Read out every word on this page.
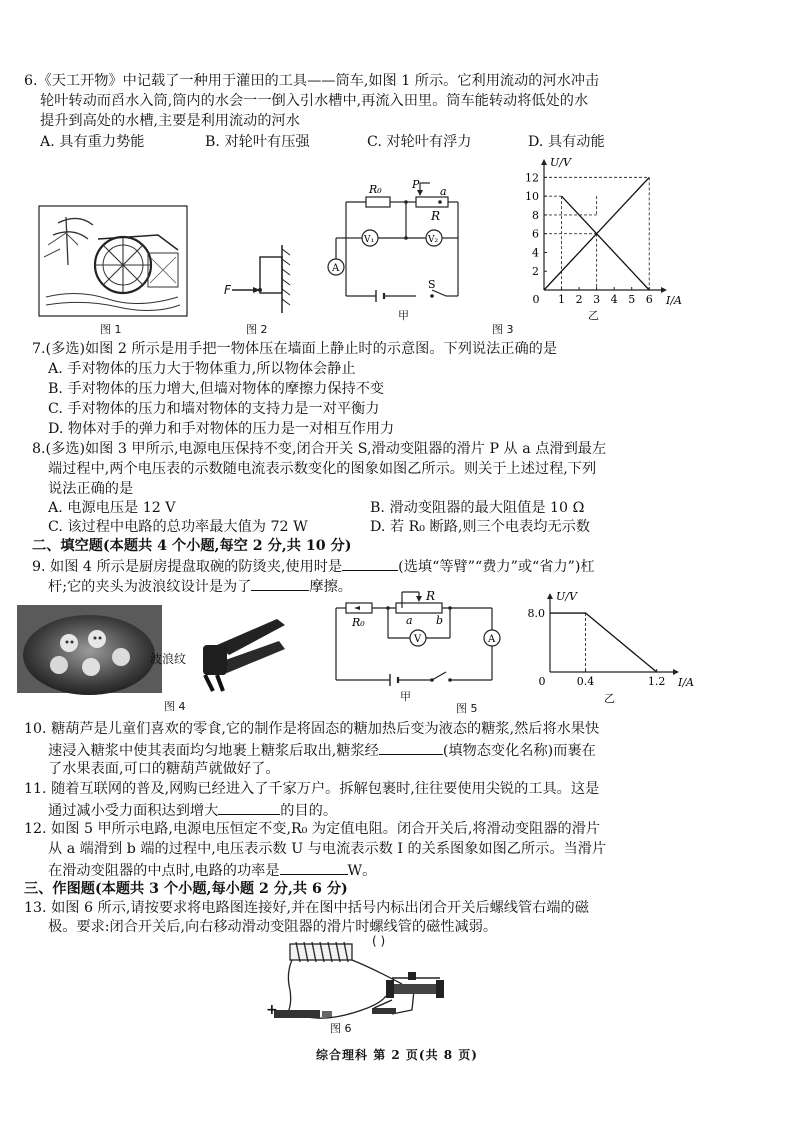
6.《天工开物》中记载了一种用于灌田的工具——筒车,如图 1 所示。它利用流动的河水冲击
轮叶转动而舀水入筒,筒内的水会一一倒入引水槽中,再流入田里。筒车能转动将低处的水
提升到高处的水槽,主要是利用流动的河水
A. 具有重力势能	B. 对轮叶有压强	C. 对轮叶有浮力	D. 具有动能
图 1
F
图 2
R₀
R
P
a
V₁	V₂
A
S
甲
图 3
1 2 3 4 5 6
2
4
6
8
10
12
0
U/V
I/A
乙
7.(多选)如图 2 所示是用手把一物体压在墙面上静止时的示意图。下列说法正确的是
A. 手对物体的压力大于物体重力,所以物体会静止
B. 手对物体的压力增大,但墙对物体的摩擦力保持不变
C. 手对物体的压力和墙对物体的支持力是一对平衡力
D. 物体对手的弹力和手对物体的压力是一对相互作用力
8.(多选)如图 3 甲所示,电源电压保持不变,闭合开关 S,滑动变阻器的滑片 P 从 a 点滑到最左
端过程中,两个电压表的示数随电流表示数变化的图象如图乙所示。则关于上述过程,下列
说法正确的是
A. 电源电压是 12 V	B. 滑动变阻器的最大阻值是 10 Ω
C. 该过程中电路的总功率最大值为 72 W	D. 若 R₀ 断路,则三个电表均无示数
二、填空题(本题共 4 个小题,每空 2 分,共 10 分)
9. 如图 4 所示是厨房提盘取碗的防烫夹,使用时是	(选填“等臂”“费力”或“省力”)杠
杆;它的夹头为波浪纹设计是为了	摩擦。
波浪纹
图 4
R₀
R
a b
V	A
甲
图 5
0.4	1.2
8.0
0
U/V
I/A
乙
10. 糖葫芦是儿童们喜欢的零食,它的制作是将固态的糖加热后变为液态的糖浆,然后将水果快
速浸入糖浆中使其表面均匀地裹上糖浆后取出,糖浆经	(填物态变化名称)而裹在
了水果表面,可口的糖葫芦就做好了。
11. 随着互联网的普及,网购已经进入了千家万户。拆解包裹时,往往要使用尖锐的工具。这是
通过减小受力面积达到增大	的目的。
12. 如图 5 甲所示电路,电源电压恒定不变,R₀ 为定值电阻。闭合开关后,将滑动变阻器的滑片
从 a 端滑到 b 端的过程中,电压表示数 U 与电流表示数 I 的关系图象如图乙所示。当滑片
在滑动变阻器的中点时,电路的功率是	W。
三、作图题(本题共 3 个小题,每小题 2 分,共 6 分)
13. 如图 6 所示,请按要求将电路图连接好,并在图中括号内标出闭合开关后螺线管右端的磁
极。要求:闭合开关后,向右移动滑动变阻器的滑片时螺线管的磁性减弱。
( )
+
图 6
综合理科 第 2 页(共 8 页)
